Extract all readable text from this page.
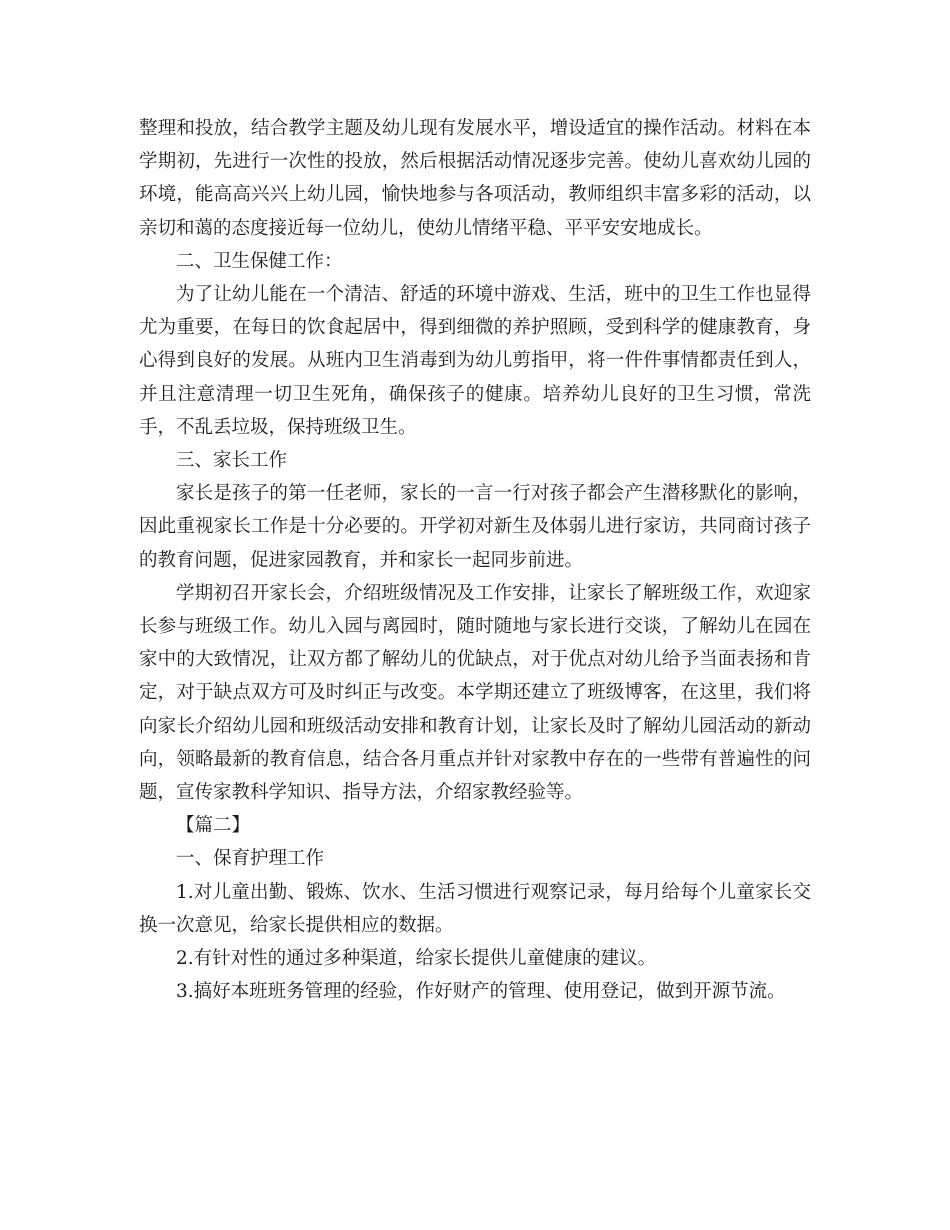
整理和投放，结合教学主题及幼儿现有发展水平，增设适宜的操作活动。材料在本学期初，先进行一次性的投放，然后根据活动情况逐步完善。使幼儿喜欢幼儿园的环境，能高高兴兴上幼儿园，愉快地参与各项活动，教师组织丰富多彩的活动，以亲切和蔼的态度接近每一位幼儿，使幼儿情绪平稳、平平安安地成长。

二、卫生保健工作：

为了让幼儿能在一个清洁、舒适的环境中游戏、生活，班中的卫生工作也显得尤为重要，在每日的饮食起居中，得到细微的养护照顾，受到科学的健康教育，身心得到良好的发展。从班内卫生消毒到为幼儿剪指甲，将一件件事情都责任到人，并且注意清理一切卫生死角，确保孩子的健康。培养幼儿良好的卫生习惯，常洗手，不乱丢垃圾，保持班级卫生。

三、家长工作

家长是孩子的第一任老师，家长的一言一行对孩子都会产生潜移默化的影响，因此重视家长工作是十分必要的。开学初对新生及体弱儿进行家访，共同商讨孩子的教育问题，促进家园教育，并和家长一起同步前进。

学期初召开家长会，介绍班级情况及工作安排，让家长了解班级工作，欢迎家长参与班级工作。幼儿入园与离园时，随时随地与家长进行交谈，了解幼儿在园在家中的大致情况，让双方都了解幼儿的优缺点，对于优点对幼儿给予当面表扬和肯定，对于缺点双方可及时纠正与改变。本学期还建立了班级博客，在这里，我们将向家长介绍幼儿园和班级活动安排和教育计划，让家长及时了解幼儿园活动的新动向，领略最新的教育信息，结合各月重点并针对家教中存在的一些带有普遍性的问题，宣传家教科学知识、指导方法，介绍家教经验等。

【篇二】

一、保育护理工作

1.对儿童出勤、锻炼、饮水、生活习惯进行观察记录，每月给每个儿童家长交换一次意见，给家长提供相应的数据。

2.有针对性的通过多种渠道，给家长提供儿童健康的建议。

3.搞好本班班务管理的经验，作好财产的管理、使用登记，做到开源节流。
